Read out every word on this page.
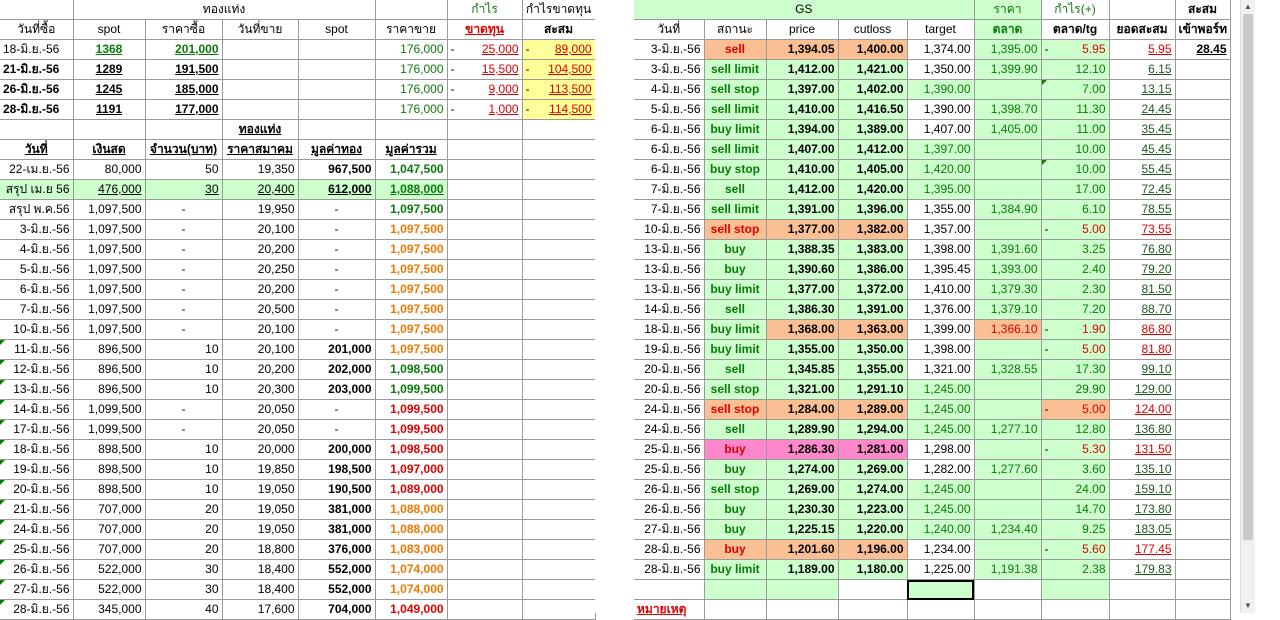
	ทองแท่ง					กำไร	กำไรขาดทุน
วันที่ซื้อ	spot	ราคาซื้อ	วันที่ขาย	spot	ราคาขาย	ขาดทุน	สะสม
18-มิ.ย.-56	1368	201,000			176,000	- 25,000	- 89,000
21-มิ.ย.-56	1289	191,500			176,000	- 15,500	- 104,500
26-มิ.ย.-56	1245	185,000			176,000	- 9,000	- 113,500
28-มิ.ย.-56	1191	177,000			176,000	- 1,000	- 114,500
			ทองแท่ง				
วันที่	เงินสด	จำนวน(บาท)	ราคาสมาคม	มูลค่าทอง	มูลค่ารวม		
22-เม.ย.-56	80,000	50	19,350	967,500	1,047,500		
สรุป เม.ย 56	476,000	30	20,400	612,000	1,088,000		
สรุป พ.ค.56	1,097,500	-	19,950	-	1,097,500		
3-มิ.ย.-56	1,097,500	-	20,100	-	1,097,500		
4-มิ.ย.-56	1,097,500	-	20,200	-	1,097,500		
5-มิ.ย.-56	1,097,500	-	20,250	-	1,097,500		
6-มิ.ย.-56	1,097,500	-	20,200	-	1,097,500		
7-มิ.ย.-56	1,097,500	-	20,500	-	1,097,500		
10-มิ.ย.-56	1,097,500	-	20,100	-	1,097,500		
11-มิ.ย.-56	896,500	10	20,100	201,000	1,097,500		
12-มิ.ย.-56	896,500	10	20,200	202,000	1,098,500		
13-มิ.ย.-56	896,500	10	20,300	203,000	1,099,500		
14-มิ.ย.-56	1,099,500	-	20,050	-	1,099,500		
17-มิ.ย.-56	1,099,500	-	20,050	-	1,099,500		
18-มิ.ย.-56	898,500	10	20,000	200,000	1,098,500		
19-มิ.ย.-56	898,500	10	19,850	198,500	1,097,000		
20-มิ.ย.-56	898,500	10	19,050	190,500	1,089,000		
21-มิ.ย.-56	707,000	20	19,050	381,000	1,088,000		
24-มิ.ย.-56	707,000	20	19,050	381,000	1,088,000		
25-มิ.ย.-56	707,000	20	18,800	376,000	1,083,000		
26-มิ.ย.-56	522,000	30	18,400	552,000	1,074,000		
27-มิ.ย.-56	522,000	30	18,400	552,000	1,074,000		
28-มิ.ย.-56	345,000	40	17,600	704,000	1,049,000		
GS					ราคา	กำไร(+)		สะสม
วันที่	สถานะ	price	cutloss	target	ตลาด	ตลาด/tg	ยอดสะสม	เข้าพอร์ท
3-มิ.ย.-56	sell	1,394.05	1,400.00	1,374.00	1,395.00	- 5.95	5.95	28.45
3-มิ.ย.-56	sell limit	1,412.00	1,421.00	1,350.00	1,399.90	12.10	6.15	
4-มิ.ย.-56	sell stop	1,397.00	1,402.00	1,390.00		7.00	13.15	
5-มิ.ย.-56	sell limit	1,410.00	1,416.50	1,390.00	1,398.70	11.30	24.45	
6-มิ.ย.-56	buy limit	1,394.00	1,389.00	1,407.00	1,405.00	11.00	35.45	
6-มิ.ย.-56	sell limit	1,407.00	1,412.00	1,397.00		10.00	45.45	
6-มิ.ย.-56	buy stop	1,410.00	1,405.00	1,420.00		10.00	55.45	
7-มิ.ย.-56	sell	1,412.00	1,420.00	1,395.00		17.00	72.45	
7-มิ.ย.-56	sell limit	1,391.00	1,396.00	1,355.00	1,384.90	6.10	78.55	
10-มิ.ย.-56	sell stop	1,377.00	1,382.00	1,357.00		- 5.00	73.55	
13-มิ.ย.-56	buy	1,388.35	1,383.00	1,398.00	1,391.60	3.25	76.80	
13-มิ.ย.-56	buy	1,390.60	1,386.00	1,395.45	1,393.00	2.40	79.20	
13-มิ.ย.-56	buy limit	1,377.00	1,372.00	1,410.00	1,379.30	2.30	81.50	
14-มิ.ย.-56	sell	1,386.30	1,391.00	1,376.00	1,379.10	7.20	88.70	
18-มิ.ย.-56	buy limit	1,368.00	1,363.00	1,399.00	1,366.10	- 1.90	86.80	
19-มิ.ย.-56	buy limit	1,355.00	1,350.00	1,398.00		- 5.00	81.80	
20-มิ.ย.-56	sell	1,345.85	1,355.00	1,321.00	1,328.55	17.30	99.10	
20-มิ.ย.-56	sell stop	1,321.00	1,291.10	1,245.00		29.90	129.00	
24-มิ.ย.-56	sell stop	1,284.00	1,289.00	1,245.00		- 5.00	124.00	
24-มิ.ย.-56	sell	1,289.90	1,294.00	1,245.00	1,277.10	12.80	136.80	
25-มิ.ย.-56	buy	1,286.30	1,281.00	1,298.00		- 5.30	131.50	
25-มิ.ย.-56	buy	1,274.00	1,269.00	1,282.00	1,277.60	3.60	135.10	
26-มิ.ย.-56	sell stop	1,269.00	1,274.00	1,245.00		24.00	159.10	
26-มิ.ย.-56	buy	1,230.30	1,223.00	1,245.00		14.70	173.80	
27-มิ.ย.-56	buy	1,225.15	1,220.00	1,240.00	1,234.40	9.25	183.05	
28-มิ.ย.-56	buy	1,201.60	1,196.00	1,234.00		- 5.60	177.45	
28-มิ.ย.-56	buy limit	1,189.00	1,180.00	1,225.00	1,191.38	2.38	179.83	

หมายเหตุ								
▲
▼
